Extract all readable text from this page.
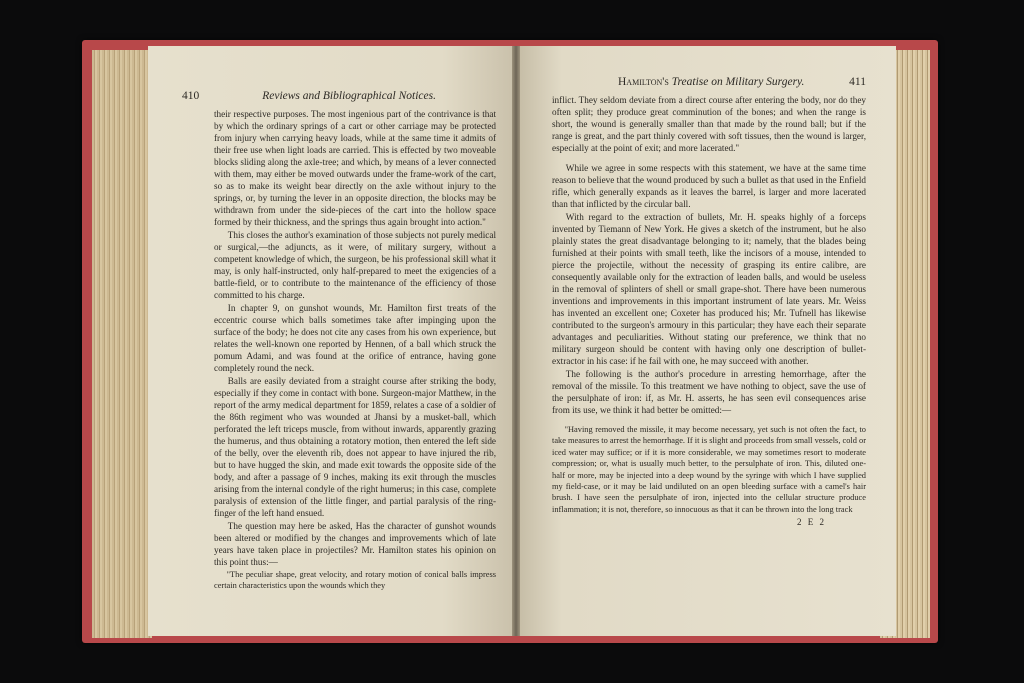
410	Reviews and Bibliographical Notices.

their respective purposes. The most ingenious part of the contrivance is that by which the ordinary springs of a cart or other carriage may be protected from injury when carrying heavy loads, while at the same time it admits of their free use when light loads are carried. This is effected by two moveable blocks sliding along the axle-tree; and which, by means of a lever connected with them, may either be moved outwards under the frame-work of the cart, so as to make its weight bear directly on the axle without injury to the springs, or, by turning the lever in an opposite direction, the blocks may be withdrawn from under the side-pieces of the cart into the hollow space formed by their thickness, and the springs thus again brought into action."

This closes the author's examination of those subjects not purely medical or surgical,—the adjuncts, as it were, of military surgery, without a competent knowledge of which, the surgeon, be his professional skill what it may, is only half-instructed, only half-prepared to meet the exigencies of a battle-field, or to contribute to the maintenance of the efficiency of those committed to his charge.

In chapter 9, on gunshot wounds, Mr. Hamilton first treats of the eccentric course which balls sometimes take after impinging upon the surface of the body; he does not cite any cases from his own experience, but relates the well-known one reported by Hennen, of a ball which struck the pomum Adami, and was found at the orifice of entrance, having gone completely round the neck.

Balls are easily deviated from a straight course after striking the body, especially if they come in contact with bone. Surgeon-major Matthew, in the report of the army medical department for 1859, relates a case of a soldier of the 86th regiment who was wounded at Jhansi by a musket-ball, which perforated the left triceps muscle, from without inwards, apparently grazing the humerus, and thus obtaining a rotatory motion, then entered the left side of the belly, over the eleventh rib, does not appear to have injured the rib, but to have hugged the skin, and made exit towards the opposite side of the body, and after a passage of 9 inches, making its exit through the muscles arising from the internal condyle of the right humerus; in this case, complete paralysis of extension of the little finger, and partial paralysis of the ring-finger of the left hand ensued.

The question may here be asked, Has the character of gunshot wounds been altered or modified by the changes and improvements which of late years have taken place in projectiles? Mr. Hamilton states his opinion on this point thus:—

"The peculiar shape, great velocity, and rotary motion of conical balls impress certain characteristics upon the wounds which they

Hamilton's Treatise on Military Surgery.	411

inflict. They seldom deviate from a direct course after entering the body, nor do they often split; they produce great comminution of the bones; and when the range is short, the wound is generally smaller than that made by the round ball; but if the range is great, and the part thinly covered with soft tissues, then the wound is larger, especially at the point of exit; and more lacerated."

While we agree in some respects with this statement, we have at the same time reason to believe that the wound produced by such a bullet as that used in the Enfield rifle, which generally expands as it leaves the barrel, is larger and more lacerated than that inflicted by the circular ball.

With regard to the extraction of bullets, Mr. H. speaks highly of a forceps invented by Tiemann of New York. He gives a sketch of the instrument, but he also plainly states the great disadvantage belonging to it; namely, that the blades being furnished at their points with small teeth, like the incisors of a mouse, intended to pierce the projectile, without the necessity of grasping its entire calibre, are consequently available only for the extraction of leaden balls, and would be useless in the removal of splinters of shell or small grape-shot. There have been numerous inventions and improvements in this important instrument of late years. Mr. Weiss has invented an excellent one; Coxeter has produced his; Mr. Tufnell has likewise contributed to the surgeon's armoury in this particular; they have each their separate advantages and peculiarities. Without stating our preference, we think that no military surgeon should be content with having only one description of bullet-extractor in his case: if he fail with one, he may succeed with another.

The following is the author's procedure in arresting hemorrhage, after the removal of the missile. To this treatment we have nothing to object, save the use of the persulphate of iron: if, as Mr. H. asserts, he has seen evil consequences arise from its use, we think it had better be omitted:—

"Having removed the missile, it may become necessary, yet such is not often the fact, to take measures to arrest the hemorrhage. If it is slight and proceeds from small vessels, cold or iced water may suffice; or if it is more considerable, we may sometimes resort to moderate compression; or, what is usually much better, to the persulphate of iron. This, diluted one-half or more, may be injected into a deep wound by the syringe with which I have supplied my field-case, or it may be laid undiluted on an open bleeding surface with a camel's hair brush. I have seen the persulphate of iron, injected into the cellular structure produce inflammation; it is not, therefore, so innocuous as that it can be thrown into the long track

2 E 2
